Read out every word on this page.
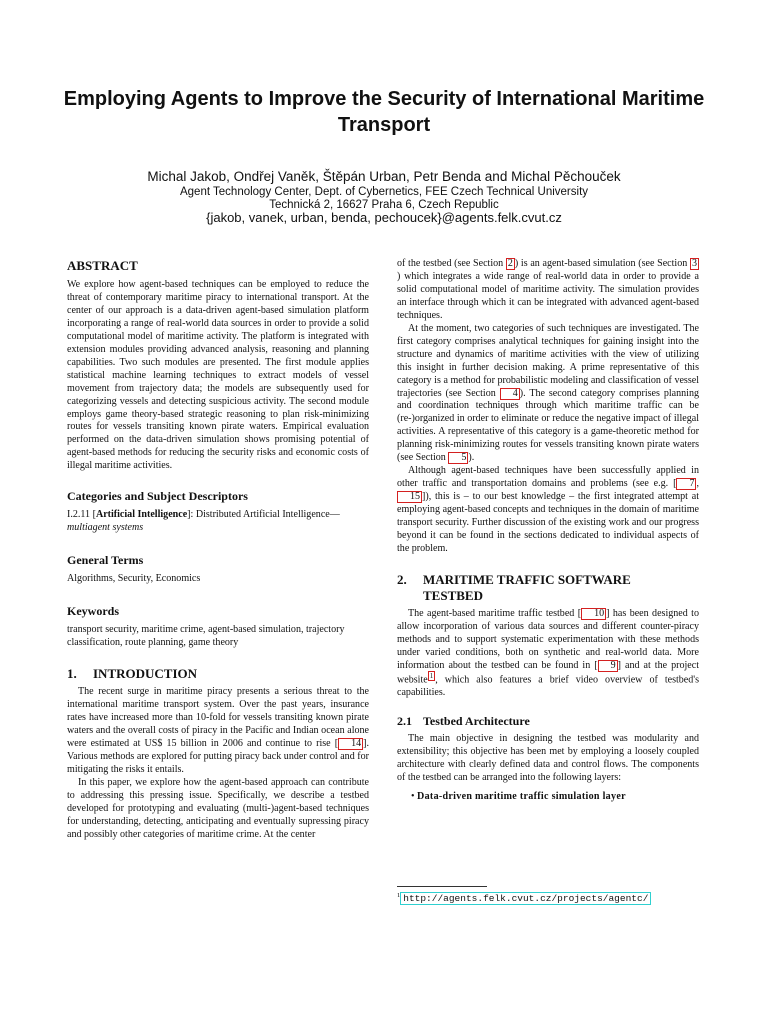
Employing Agents to Improve the Security of International Maritime Transport
Michal Jakob, Ondřej Vaněk, Štěpán Urban, Petr Benda and Michal Pěchouček
Agent Technology Center, Dept. of Cybernetics, FEE Czech Technical University
Technická 2, 16627 Praha 6, Czech Republic
{jakob, vanek, urban, benda, pechoucek}@agents.felk.cvut.cz
ABSTRACT

We explore how agent-based techniques can be employed to reduce the threat of contemporary maritime piracy to international transport. At the center of our approach is a data-driven agent-based simulation platform incorporating a range of real-world data sources in order to provide a solid computational model of maritime activity. The platform is integrated with extension modules providing advanced analysis, reasoning and planning capabilities. Two such modules are presented. The first module applies statistical machine learning techniques to extract models of vessel movement from trajectory data; the models are subsequently used for categorizing vessels and detecting suspicious activity. The second module employs game theory-based strategic reasoning to plan risk-minimizing routes for vessels transiting known pirate waters. Empirical evaluation performed on the data-driven simulation shows promising potential of agent-based methods for reducing the security risks and economic costs of illegal maritime activities.

Categories and Subject Descriptors

I.2.11 [Artificial Intelligence]: Distributed Artificial Intelligence—multiagent systems

General Terms

Algorithms, Security, Economics

Keywords

transport security, maritime crime, agent-based simulation, trajectory classification, route planning, game theory

1. INTRODUCTION

The recent surge in maritime piracy presents a serious threat to the international maritime transport system. Over the past years, insurance rates have increased more than 10-fold for vessels transiting known pirate waters and the overall costs of piracy in the Pacific and Indian ocean alone were estimated at US$ 15 billion in 2006 and continue to rise [ 14 ]. Various methods are explored for putting piracy back under control and for mitigating the risks it entails.

In this paper, we explore how the agent-based approach can contribute to addressing this pressing issue. Specifically, we describe a testbed developed for prototyping and evaluating (multi-)agent-based techniques for understanding, detecting, anticipating and eventually supressing piracy and possibly other categories of maritime crime. At the center

of the testbed (see Section 2 ) is an agent-based simulation (see Section 3) which integrates a wide range of real-world data in order to provide a solid computational model of maritime activity. The simulation provides an interface through which it can be integrated with advanced agent-based techniques.

At the moment, two categories of such techniques are investigated. The first category comprises analytical techniques for gaining insight into the structure and dynamics of maritime activities with the view of utilizing this insight in further decision making. A prime representative of this category is a method for probabilistic modeling and classification of vessel trajectories (see Section 4 ). The second category comprises planning and coordination techniques through which maritime traffic can be (re-)organized in order to eliminate or reduce the negative impact of illegal activities. A representative of this category is a game-theoretic method for planning risk-minimizing routes for vessels transiting known pirate waters (see Section 5 ).

Although agent-based techniques have been successfully applied in other traffic and transportation domains and problems (see e.g. [ 7 , 15 ]), this is – to our best knowledge – the first integrated attempt at employing agent-based concepts and techniques in the domain of maritime transport security. Further discussion of the existing work and our progress beyond it can be found in the sections dedicated to individual aspects of the problem.

2. MARITIME TRAFFIC SOFTWARE
TESTBED

The agent-based maritime traffic testbed [ 10 ] has been designed to allow incorporation of various data sources and different counter-piracy methods and to support systematic experimentation with these methods under varied conditions, both on synthetic and real-world data. More information about the testbed can be found in [ 9 ] and at the project website $^1$ , which also features a brief video overview of testbed's capabilities.

2.1 Testbed Architecture

The main objective in designing the testbed was modularity and extensibility; this objective has been met by employing a loosely coupled architecture with clearly defined data and control flows. The components of the testbed can be arranged into the following layers:

• Data-driven maritime traffic simulation layer

$^1$ http://agents.felk.cvut.cz/projects/agentc/
